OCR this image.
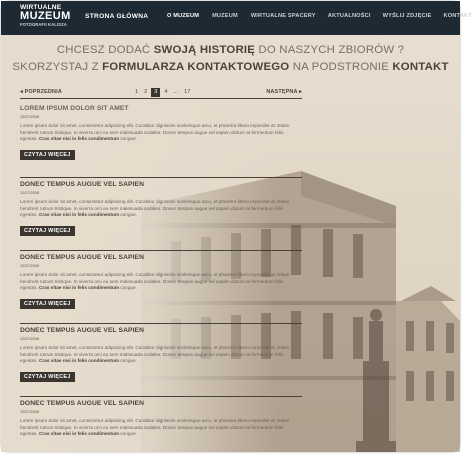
WIRTUALNE
MUZEUM
FOTOGRAFII KALISZA
STRONA GŁÓWNA	O MUZEUM MUZEUM WIRTUALNE SPACERY AKTUALNOŚCI WYŚLIJ ZDJĘCIE KONTAKT
CHCESZ DODAĆ SWOJĄ HISTORIĘ DO NASZYCH ZBIORÓW ?
SKORZYSTAJ Z FORMULARZA KONTAKTOWEGO NA PODSTRONIE KONTAKT
◂ POPRZEDNIA	1	2	3	4	...	17	NASTĘPNA ▸
LOREM IPSUM DOLOR SIT AMET
12/07/2008
Lorem ipsum dolor sit amet, consectetur adipiscing elit. Curabitur dignissim scelerisque arcu, et pharetra libero imperdiet at. Etiam hendrerit rutrum tristique. In viverra orci eu sem malesuada sodales. Donec tempus augue vel sapien dictum at fermentum felis egestas. Cras vitae nisi in felis condimentum congue.
CZYTAJ WIĘCEJ
DONEC TEMPUS AUGUE VEL SAPIEN
12/07/2008
Lorem ipsum dolor sit amet, consectetur adipiscing elit. Curabitur dignissim scelerisque arcu, et pharetra libero imperdiet at. Etiam hendrerit rutrum tristique. In viverra orci eu sem malesuada sodales. Donec tempus augue vel sapien dictum at fermentum felis egestas. Cras vitae nisi in felis condimentum congue.
CZYTAJ WIĘCEJ
DONEC TEMPUS AUGUE VEL SAPIEN
12/07/2008
Lorem ipsum dolor sit amet, consectetur adipiscing elit. Curabitur dignissim scelerisque arcu, et pharetra libero imperdiet at. Etiam hendrerit rutrum tristique. In viverra orci eu sem malesuada sodales. Donec tempus augue vel sapien dictum at fermentum felis egestas. Cras vitae nisi in felis condimentum congue.
CZYTAJ WIĘCEJ
DONEC TEMPUS AUGUE VEL SAPIEN
12/07/2008
Lorem ipsum dolor sit amet, consectetur adipiscing elit. Curabitur dignissim scelerisque arcu, et pharetra libero imperdiet at. Etiam hendrerit rutrum tristique. In viverra orci eu sem malesuada sodales. Donec tempus augue vel sapien dictum at fermentum felis egestas. Cras vitae nisi in felis condimentum congue.
CZYTAJ WIĘCEJ
DONEC TEMPUS AUGUE VEL SAPIEN
12/07/2008
Lorem ipsum dolor sit amet, consectetur adipiscing elit. Curabitur dignissim scelerisque arcu, et pharetra libero imperdiet at. Etiam hendrerit rutrum tristique. In viverra orci eu sem malesuada sodales. Donec tempus augue vel sapien dictum at fermentum felis egestas. Cras vitae nisi in felis condimentum congue.
